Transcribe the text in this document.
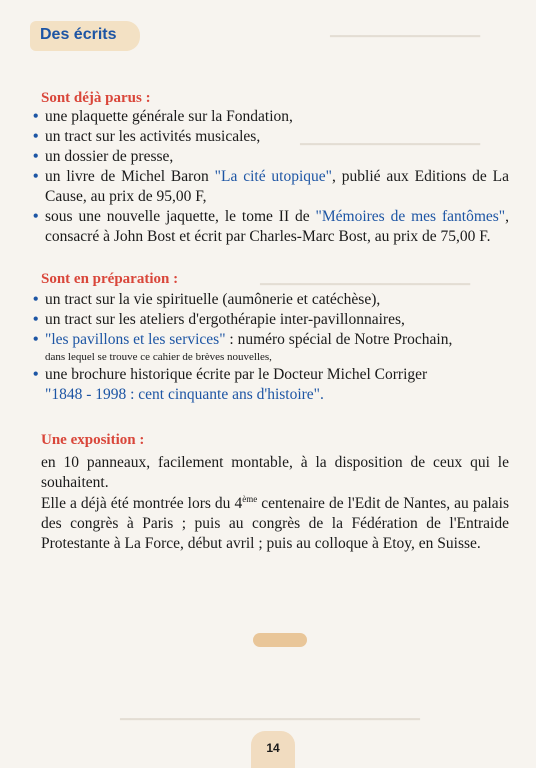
▁▁▁▁▁▁▁▁▁▁▁▁▁▁▁
▁▁▁▁▁▁▁▁▁▁▁▁▁▁▁▁▁▁
▁▁▁▁▁▁▁▁▁▁▁▁▁▁▁▁▁▁▁▁▁
▁▁▁▁▁▁▁▁▁▁▁▁▁▁▁▁▁▁▁▁▁▁▁▁▁▁▁▁▁▁
Des écrits
Sont déjà parus :
• une plaquette générale sur la Fondation,
• un tract sur les activités musicales,
• un dossier de presse,
• un livre de Michel Baron "La cité utopique", publié aux Editions de La Cause, au prix de 95,00 F,
• sous une nouvelle jaquette, le tome II de "Mémoires de mes fantômes", consacré à John Bost et écrit par Charles-Marc Bost, au prix de 75,00 F.
Sont en préparation :
• un tract sur la vie spirituelle (aumônerie et catéchèse),
• un tract sur les ateliers d'ergothérapie inter-pavillonnaires,
• "les pavillons et les services" : numéro spécial de Notre Prochain,
dans lequel se trouve ce cahier de brèves nouvelles,
• une brochure historique écrite par le Docteur Michel Corriger
"1848 - 1998 : cent cinquante ans d'histoire".
Une exposition :
en 10 panneaux, facilement montable, à la disposition de ceux qui le souhaitent.
Elle a déjà été montrée lors du 4ème centenaire de l'Edit de Nantes, au palais des congrès à Paris ; puis au congrès de la Fédération de l'Entraide Protestante à La Force, début avril ; puis au colloque à Etoy, en Suisse.
14
